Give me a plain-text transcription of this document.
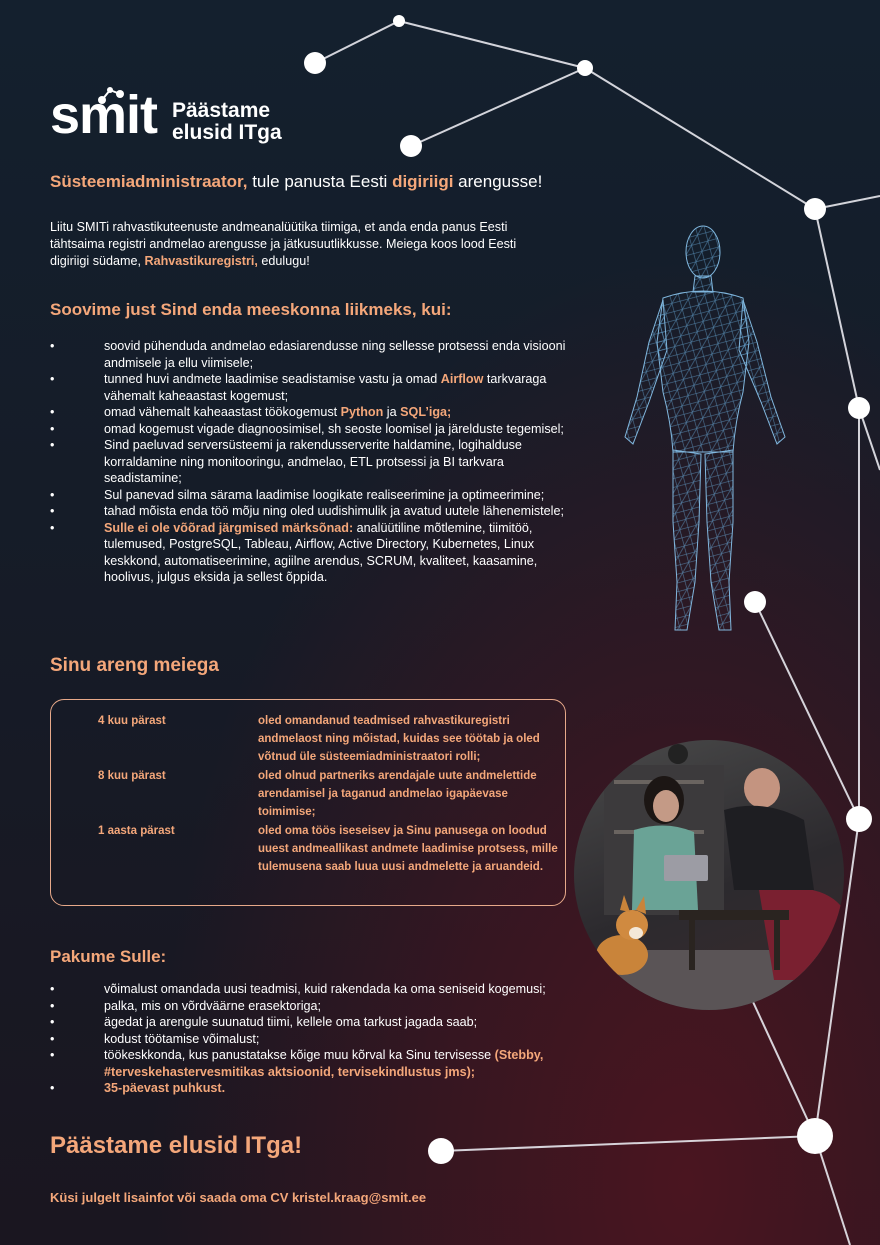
smit Päästame
elusid ITga
Süsteemiadministraator, tule panusta Eesti digiriigi arengusse!
Liitu SMITi rahvastikuteenuste andmeanalüütika tiimiga, et anda enda panus Eesti tähtsaima registri andmelao arengusse ja jätkusuutlikkusse. Meiega koos lood Eesti digiriigi südame, Rahvastikuregistri, edulugu!
Soovime just Sind enda meeskonna liikmeks, kui:
• soovid pühenduda andmelao edasiarendusse ning sellesse protsessi enda visiooni andmisele ja ellu viimisele;
• tunned huvi andmete laadimise seadistamise vastu ja omad Airflow tarkvaraga vähemalt kaheaastast kogemust;
• omad vähemalt kaheaastast töökogemust Python ja SQL’iga;
• omad kogemust vigade diagnoosimisel, sh seoste loomisel ja järelduste tegemisel;
• Sind paeluvad serversüsteemi ja rakendusserverite haldamine, logihalduse korraldamine ning monitooringu, andmelao, ETL protsessi ja BI tarkvara seadistamine;
• Sul panevad silma särama laadimise loogikate realiseerimine ja optimeerimine;
• tahad mõista enda töö mõju ning oled uudishimulik ja avatud uutele lähenemistele;
• Sulle ei ole võõrad järgmised märksõnad: analüütiline mõtlemine, tiimitöö, tulemused, PostgreSQL, Tableau, Airflow, Active Directory, Kubernetes, Linux keskkond, automatiseerimine, agiilne arendus, SCRUM, kvaliteet, kaasamine, hoolivus, julgus eksida ja sellest õppida.
Sinu areng meiega
4 kuu pärast	oled omandanud teadmised rahvastikuregistri andmelaost ning mõistad, kuidas see töötab ja oled võtnud üle süsteemiadministraatori rolli;
8 kuu pärast	oled olnud partneriks arendajale uute andmelettide arendamisel ja taganud andmelao igapäevase toimimise;
1 aasta pärast	oled oma töös iseseisev ja Sinu panusega on loodud uuest andmeallikast andmete laadimise protsess, mille tulemusena saab luua uusi andmelette ja aruandeid.
Pakume Sulle:
• võimalust omandada uusi teadmisi, kuid rakendada ka oma seniseid kogemusi;
• palka, mis on võrdväärne erasektoriga;
• ägedat ja arengule suunatud tiimi, kellele oma tarkust jagada saab;
• kodust töötamise võimalust;
• töökeskkonda, kus panustatakse kõige muu kõrval ka Sinu tervisesse (Stebby, #terveskehastervesmitikas aktsioonid, tervisekindlustus jms);
• 35-päevast puhkust.
Päästame elusid ITga!
Küsi julgelt lisainfot või saada oma CV kristel.kraag@smit.ee
